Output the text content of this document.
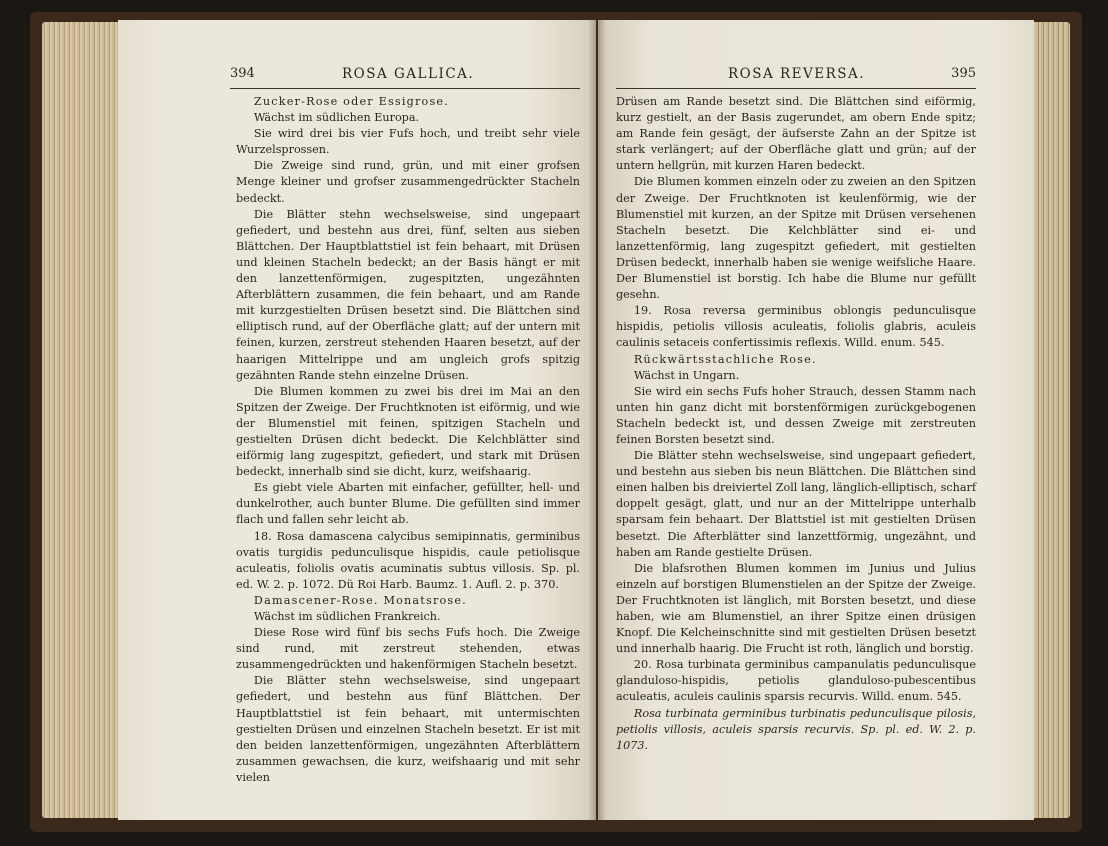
394	ROSA GALLICA.

Zucker-Rose oder Essigrose.

Wächst im südlichen Europa.

Sie wird drei bis vier Fufs hoch, und treibt sehr viele Wurzelsprossen.

Die Zweige sind rund, grün, und mit einer grofsen Menge kleiner und grofser zusammengedrückter Stacheln bedeckt.

Die Blätter stehn wechselsweise, sind ungepaart gefiedert, und bestehn aus drei, fünf, selten aus sieben Blättchen. Der Hauptblattstiel ist fein behaart, mit Drüsen und kleinen Stacheln bedeckt; an der Basis hängt er mit den lanzettenförmigen, zugespitzten, ungezähnten Afterblättern zusammen, die fein behaart, und am Rande mit kurzgestielten Drüsen besetzt sind. Die Blättchen sind elliptisch rund, auf der Oberfläche glatt; auf der untern mit feinen, kurzen, zerstreut stehenden Haaren besetzt, auf der haarigen Mittelrippe und am ungleich grofs spitzig gezähnten Rande stehn einzelne Drüsen.

Die Blumen kommen zu zwei bis drei im Mai an den Spitzen der Zweige. Der Fruchtknoten ist eiförmig, und wie der Blumenstiel mit feinen, spitzigen Stacheln und gestielten Drüsen dicht bedeckt. Die Kelchblätter sind eiförmig lang zugespitzt, gefiedert, und stark mit Drüsen bedeckt, innerhalb sind sie dicht, kurz, weifshaarig.

Es giebt viele Abarten mit einfacher, gefüllter, hell- und dunkelrother, auch bunter Blume. Die gefüllten sind immer flach und fallen sehr leicht ab.

18. Rosa damascena calycibus semipinnatis, germinibus ovatis turgidis pedunculisque hispidis, caule petiolisque aculeatis, foliolis ovatis acuminatis subtus villosis. Sp. pl. ed. W. 2. p. 1072. Dü Roi Harb. Baumz. 1. Aufl. 2. p. 370.

Damascener-Rose. Monatsrose.

Wächst im südlichen Frankreich.

Diese Rose wird fünf bis sechs Fufs hoch. Die Zweige sind rund, mit zerstreut stehenden, etwas zusammengedrückten und hakenförmigen Stacheln besetzt.

Die Blätter stehn wechselsweise, sind ungepaart gefiedert, und bestehn aus fünf Blättchen. Der Hauptblattstiel ist fein behaart, mit untermischten gestielten Drüsen und einzelnen Stacheln besetzt. Er ist mit den beiden lanzettenförmigen, ungezähnten Afterblättern zusammen gewachsen, die kurz, weifshaarig und mit sehr vielen

ROSA REVERSA.	395

Drüsen am Rande besetzt sind. Die Blättchen sind eiförmig, kurz gestielt, an der Basis zugerundet, am obern Ende spitz; am Rande fein gesägt, der äufserste Zahn an der Spitze ist stark verlängert; auf der Oberfläche glatt und grün; auf der untern hellgrün, mit kurzen Haren bedeckt.

Die Blumen kommen einzeln oder zu zweien an den Spitzen der Zweige. Der Fruchtknoten ist keulenförmig, wie der Blumenstiel mit kurzen, an der Spitze mit Drüsen versehenen Stacheln besetzt. Die Kelchblätter sind ei- und lanzettenförmig, lang zugespitzt gefiedert, mit gestielten Drüsen bedeckt, innerhalb haben sie wenige weifsliche Haare. Der Blumenstiel ist borstig. Ich habe die Blume nur gefüllt gesehn.

19. Rosa reversa germinibus oblongis pedunculisque hispidis, petiolis villosis aculeatis, foliolis glabris, aculeis caulinis setaceis confertissimis reflexis. Willd. enum. 545.

Rückwärtsstachliche Rose.

Wächst in Ungarn.

Sie wird ein sechs Fufs hoher Strauch, dessen Stamm nach unten hin ganz dicht mit borstenförmigen zurückgebogenen Stacheln bedeckt ist, und dessen Zweige mit zerstreuten feinen Borsten besetzt sind.

Die Blätter stehn wechselsweise, sind ungepaart gefiedert, und bestehn aus sieben bis neun Blättchen. Die Blättchen sind einen halben bis dreiviertel Zoll lang, länglich-elliptisch, scharf doppelt gesägt, glatt, und nur an der Mittelrippe unterhalb sparsam fein behaart. Der Blattstiel ist mit gestielten Drüsen besetzt. Die Afterblätter sind lanzettförmig, ungezähnt, und haben am Rande gestielte Drüsen.

Die blafsrothen Blumen kommen im Junius und Julius einzeln auf borstigen Blumenstielen an der Spitze der Zweige. Der Fruchtknoten ist länglich, mit Borsten besetzt, und diese haben, wie am Blumenstiel, an ihrer Spitze einen drüsigen Knopf. Die Kelcheinschnitte sind mit gestielten Drüsen besetzt und innerhalb haarig. Die Frucht ist roth, länglich und borstig.

20. Rosa turbinata germinibus campanulatis pedunculisque glanduloso-hispidis, petiolis glanduloso-pubescentibus aculeatis, aculeis caulinis sparsis recurvis. Willd. enum. 545.

Rosa turbinata germinibus turbinatis pedunculisque pilosis, petiolis villosis, aculeis sparsis recurvis. Sp. pl. ed. W. 2. p. 1073.
